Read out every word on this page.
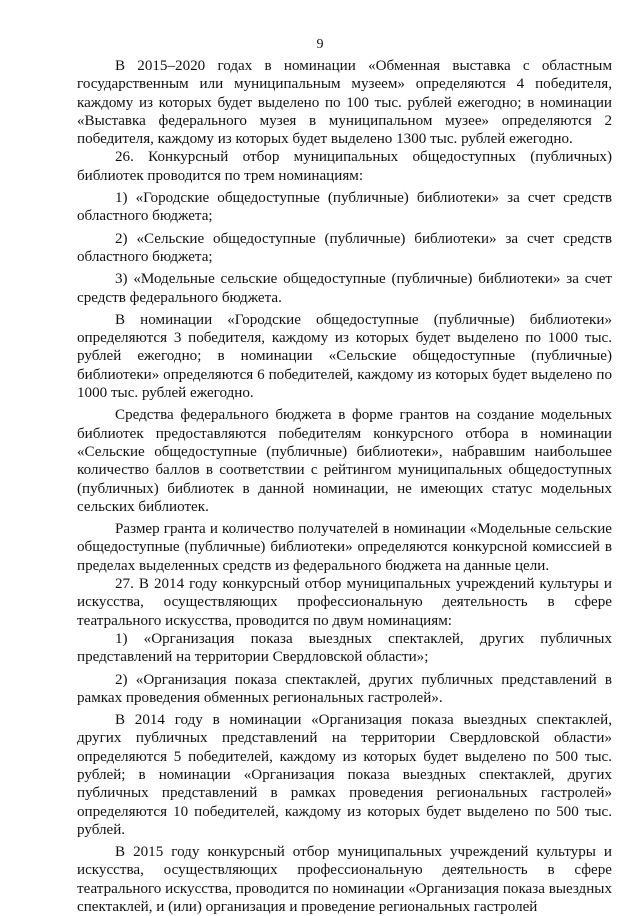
9

В 2015–2020 годах в номинации «Обменная выставка с областным государственным или муниципальным музеем» определяются 4 победителя, каждому из которых будет выделено по 100 тыс. рублей ежегодно; в номинации «Выставка федерального музея в муниципальном музее» определяются 2 победителя, каждому из которых будет выделено 1300 тыс. рублей ежегодно.

26. Конкурсный отбор муниципальных общедоступных (публичных) библиотек проводится по трем номинациям:

1) «Городские общедоступные (публичные) библиотеки» за счет средств областного бюджета;

2) «Сельские общедоступные (публичные) библиотеки» за счет средств областного бюджета;

3) «Модельные сельские общедоступные (публичные) библиотеки» за счет средств федерального бюджета.

В номинации «Городские общедоступные (публичные) библиотеки» определяются 3 победителя, каждому из которых будет выделено по 1000 тыс. рублей ежегодно; в номинации «Сельские общедоступные (публичные) библиотеки» определяются 6 победителей, каждому из которых будет выделено по 1000 тыс. рублей ежегодно.

Средства федерального бюджета в форме грантов на создание модельных библиотек предоставляются победителям конкурсного отбора в номинации «Сельские общедоступные (публичные) библиотеки», набравшим наибольшее количество баллов в соответствии с рейтингом муниципальных общедоступных (публичных) библиотек в данной номинации, не имеющих статус модельных сельских библиотек.

Размер гранта и количество получателей в номинации «Модельные сельские общедоступные (публичные) библиотеки» определяются конкурсной комиссией в пределах выделенных средств из федерального бюджета на данные цели.

27. В 2014 году конкурсный отбор муниципальных учреждений культуры и искусства, осуществляющих профессиональную деятельность в сфере театрального искусства, проводится по двум номинациям:

1) «Организация показа выездных спектаклей, других публичных представлений на территории Свердловской области»;

2) «Организация показа спектаклей, других публичных представлений в рамках проведения обменных региональных гастролей».

В 2014 году в номинации «Организация показа выездных спектаклей, других публичных представлений на территории Свердловской области» определяются 5 победителей, каждому из которых будет выделено по 500 тыс. рублей; в номинации «Организация показа выездных спектаклей, других публичных представлений в рамках проведения региональных гастролей» определяются 10 победителей, каждому из которых будет выделено по 500 тыс. рублей.

В 2015 году конкурсный отбор муниципальных учреждений культуры и искусства, осуществляющих профессиональную деятельность в сфере театрального искусства, проводится по номинации «Организация показа выездных спектаклей, и (или) организация и проведение региональных гастролей
